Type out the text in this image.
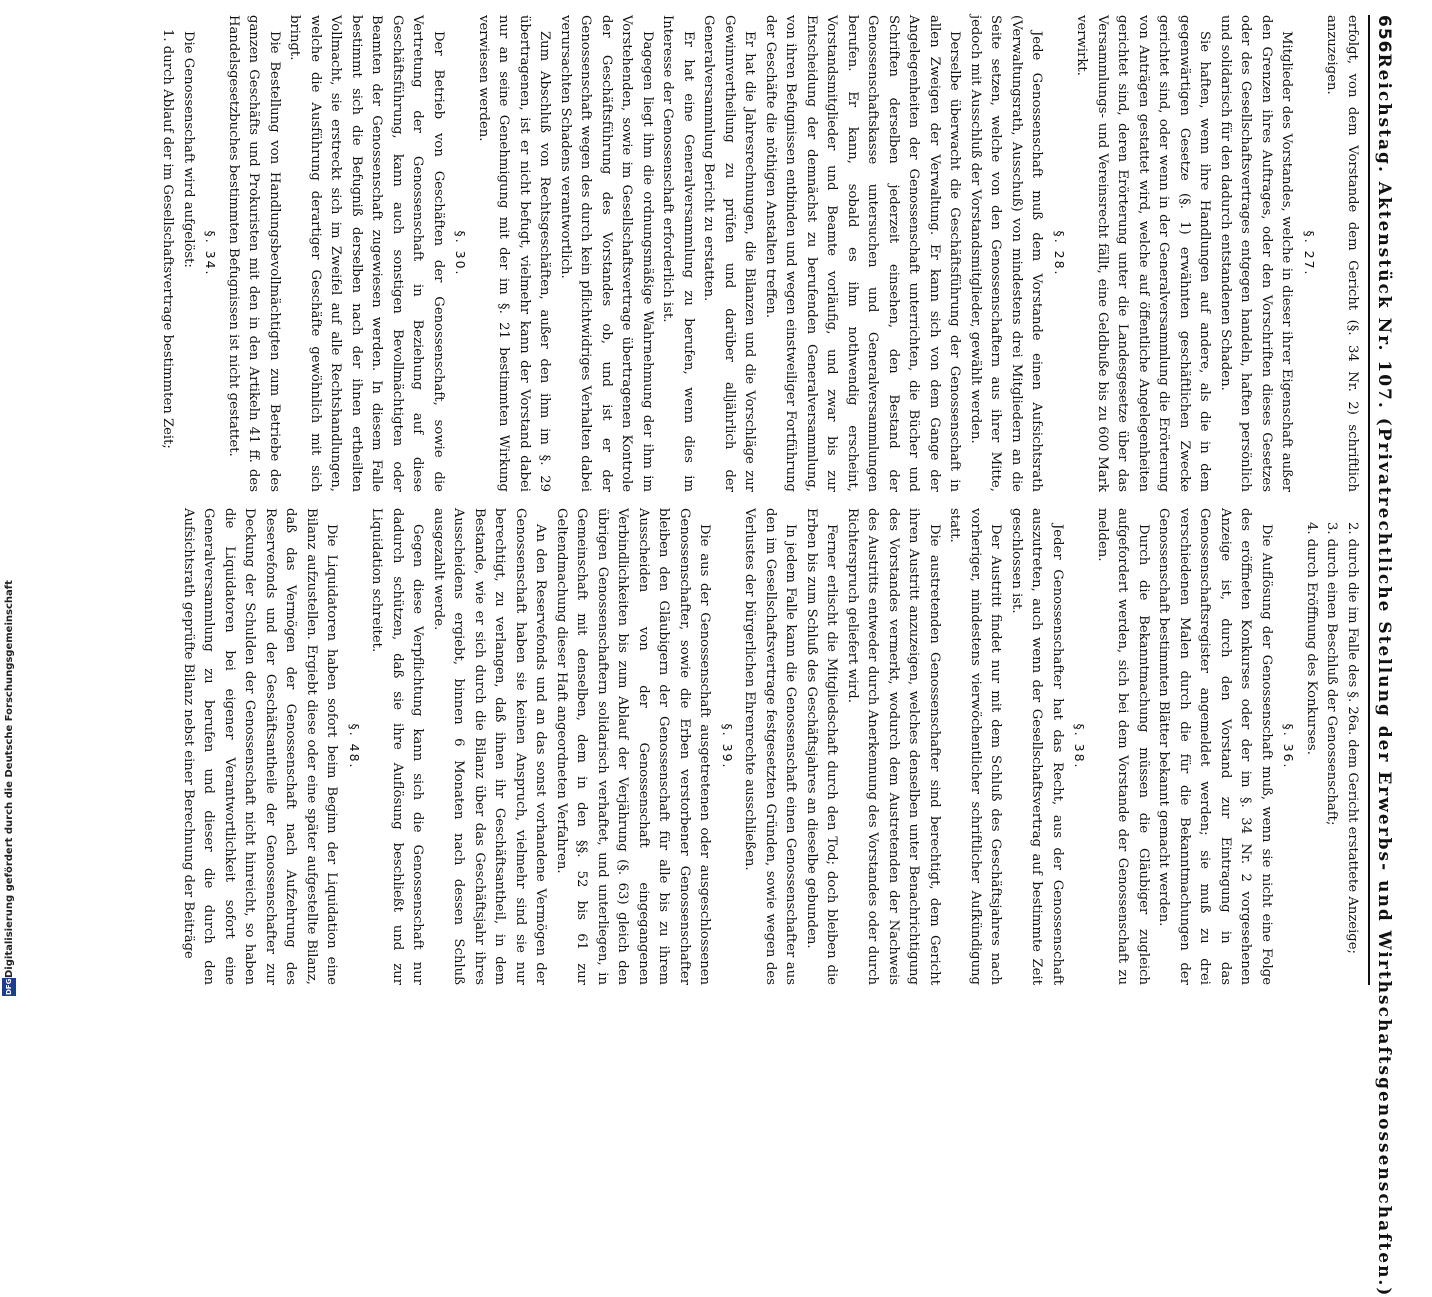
656
Reichstag. Aktenstück Nr. 107. (Privatrechtliche Stellung der Erwerbs- und Wirthschaftsgenossenschaften.)

erfolgt, von dem Vorstande dem Gericht (§. 34 Nr. 2) schriftlich anzuzeigen.

§. 27.

Mitglieder des Vorstandes, welche in dieser ihrer Eigenschaft außer den Grenzen ihres Auftrages, oder den Vorschriften dieses Gesetzes oder des Gesellschaftsvertrages entgegen handeln, haften persönlich und solidarisch für den dadurch entstandenen Schaden.

Sie haften, wenn ihre Handlungen auf andere, als die in dem gegenwärtigen Gesetze (§. 1) erwähnten geschäftlichen Zwecke gerichtet sind, oder wenn in der Generalversammlung die Erörterung von Anträgen gestattet wird, welche auf öffentliche Angelegenheiten gerichtet sind, deren Erörterung unter die Landesgesetze über das Versammlungs- und Vereinsrecht fällt, eine Geldbuße bis zu 600 Mark verwirkt.

§. 28.

Jede Genossenschaft muß dem Vorstande einen Aufsichtsrath (Verwaltungsrath, Ausschuß) von mindestens drei Mitgliedern an die Seite setzen, welche von den Genossenschaftern aus ihrer Mitte, jedoch mit Ausschluß der Vorstandsmitglieder, gewählt werden.

Derselbe überwacht die Geschäftsführung der Genossenschaft in allen Zweigen der Verwaltung. Er kann sich von dem Gange der Angelegenheiten der Genossenschaft unterrichten, die Bücher und Schriften derselben jederzeit einsehen, den Bestand der Genossenschaftskasse untersuchen und Generalversammlungen berufen. Er kann, sobald es ihm nothwendig erscheint, Vorstandsmitglieder und Beamte vorläufig, und zwar bis zur Entscheidung der demnächst zu berufenden Generalversammlung, von ihren Befugnissen entbinden und wegen einstweiliger Fortführung der Geschäfte die nöthigen Anstalten treffen.

Er hat die Jahresrechnungen, die Bilanzen und die Vorschläge zur Gewinnvertheilung zu prüfen und darüber alljährlich der Generalversammlung Bericht zu erstatten.

Er hat eine Generalversammlung zu berufen, wenn dies im Interesse der Genossenschaft erforderlich ist.

Dagegen liegt ihm die ordnungsmäßige Wahrnehmung der ihm im Vorstehenden, sowie im Gesellschaftsvertrage übertragenen Kontrole der Geschäftsführung des Vorstandes ob, und ist er der Genossenschaft wegen des durch kein pflichtwidriges Verhalten dabei verursachten Schadens verantwortlich.

Zum Abschluß von Rechtsgeschäften, außer den ihm im §. 29 übertragenen, ist er nicht befugt, vielmehr kann der Vorstand dabei nur an seine Genehmigung mit der im §. 21 bestimmten Wirkung verwiesen werden.

§. 30.

Der Betrieb von Geschäften der Genossenschaft, sowie die Vertretung der Genossenschaft in Beziehung auf diese Geschäftsführung, kann auch sonstigen Bevollmächtigten oder Beamten der Genossenschaft zugewiesen werden. In diesem Falle bestimmt sich die Befugniß derselben nach der ihnen ertheilten Vollmacht, sie erstreckt sich im Zweifel auf alle Rechtshandlungen, welche die Ausführung derartiger Geschäfte gewöhnlich mit sich bringt.

Die Bestellung von Handlungsbevollmächtigten zum Betriebe des ganzen Geschäfts und Prokuristen mit den in den Artikeln 41 ff. des Handelsgesetzbuches bestimmten Befugnissen ist nicht gestattet.

§. 34.

Die Genossenschaft wird aufgelöst:

1. durch Ablauf der im Gesellschaftsvertrage bestimmten Zeit;

2. durch die im Falle des §. 26a. dem Gericht erstattete Anzeige;

3. durch einen Beschluß der Genossenschaft;

4. durch Eröffnung des Konkurses.

§. 36.

Die Auflösung der Genossenschaft muß, wenn sie nicht eine Folge des eröffneten Konkurses oder der im §. 34 Nr. 2 vorgesehenen Anzeige ist, durch den Vorstand zur Eintragung in das Genossenschaftsregister angemeldet werden; sie muß zu drei verschiedenen Malen durch die für die Bekanntmachungen der Genossenschaft bestimmten Blätter bekannt gemacht werden.

Durch die Bekanntmachung müssen die Gläubiger zugleich aufgefordert werden, sich bei dem Vorstande der Genossenschaft zu melden.

§. 38.

Jeder Genossenschafter hat das Recht, aus der Genossenschaft auszutreten, auch wenn der Gesellschaftsvertrag auf bestimmte Zeit geschlossen ist.

Der Austritt findet nur mit dem Schluß des Geschäftsjahres nach vorheriger, mindestens vierwöchentlicher schriftlicher Aufkündigung statt.

Die austretenden Genossenschafter sind berechtigt, dem Gericht ihren Austritt anzuzeigen, welches denselben unter Benachrichtigung des Vorstandes vermerkt, wodurch dem Austretenden der Nachweis des Austritts entweder durch Anerkennung des Vorstandes oder durch Richterspruch geliefert wird.

Ferner erlischt die Mitgliedschaft durch den Tod; doch bleiben die Erben bis zum Schluß des Geschäftsjahres an dieselbe gebunden.

In jedem Falle kann die Genossenschaft einen Genossenschafter aus den im Gesellschaftsvertrage festgesetzten Gründen, sowie wegen des Verlustes der bürgerlichen Ehrenrechte ausschließen.

§. 39.

Die aus der Genossenschaft ausgetretenen oder ausgeschlossenen Genossenschafter, sowie die Erben verstorbener Genossenschafter bleiben den Gläubigern der Genossenschaft für alle bis zu ihrem Ausscheiden von der Genossenschaft eingegangenen Verbindlichkeiten bis zum Ablauf der Verjährung (§. 63) gleich den übrigen Genossenschaftern solidarisch verhaftet, und unterliegen, in Gemeinschaft mit denselben, dem in den §§. 52 bis 61 zur Geltendmachung dieser Haft angeordneten Verfahren.

An den Reservefonds und an das sonst vorhandene Vermögen der Genossenschaft haben sie keinen Anspruch, vielmehr sind sie nur berechtigt, zu verlangen, daß ihnen ihr Geschäftsantheil, in dem Bestande, wie er sich durch die Bilanz über das Geschäftsjahr ihres Ausscheidens ergiebt, binnen 6 Monaten nach dessen Schluß ausgezahlt werde.

Gegen diese Verpflichtung kann sich die Genossenschaft nur dadurch schützen, daß sie ihre Auflösung beschließt und zur Liquidation schreitet.

§. 48.

Die Liquidatoren haben sofort beim Beginn der Liquidation eine Bilanz aufzustellen. Ergiebt diese oder eine später aufgestellte Bilanz, daß das Vermögen der Genossenschaft nach Aufzehrung des Reservefonds und der Geschäftsantheile der Genossenschafter zur Deckung der Schulden der Genossenschaft nicht hinreicht, so haben die Liquidatoren bei eigener Verantwortlichkeit sofort eine Generalversammlung zu berufen und dieser die durch den Aufsichtsrath geprüfte Bilanz nebst einer Berechnung der Beiträge

Digitalisierung gefördert durch die Deutsche Forschungsgemeinschaft
DFG
